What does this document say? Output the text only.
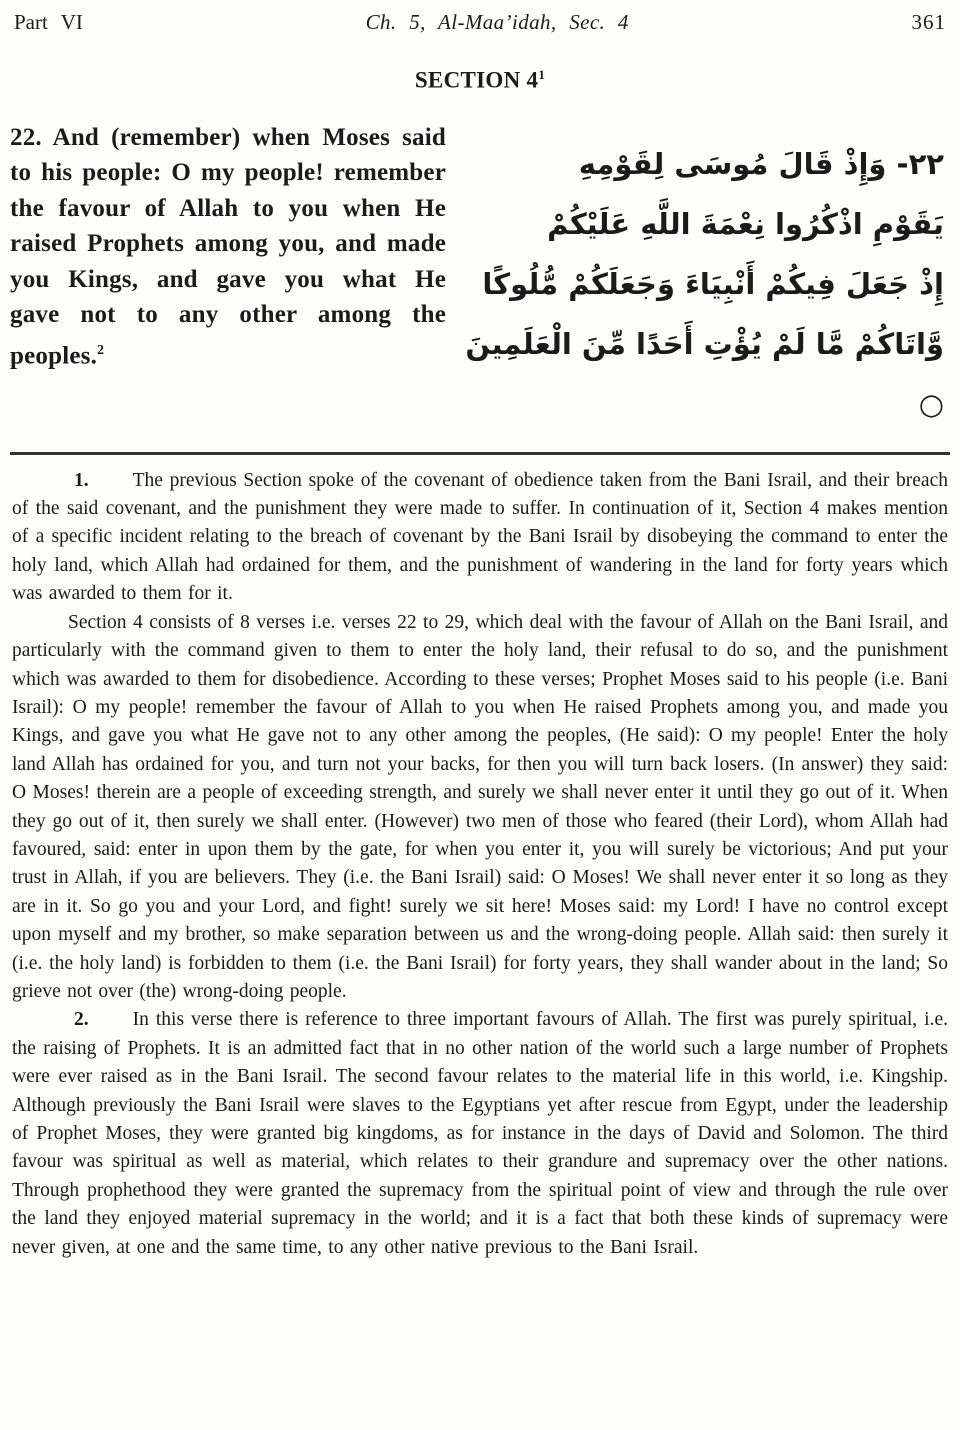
Part VI	Ch. 5, Al-Maa’idah, Sec. 4	361
SECTION $4^1$
22. And (remember) when Moses said to his people: O my people! remember the favour of Allah to you when He raised Prophets among you, and made you Kings, and gave you what He gave not to any other among the peoples.$^2$
٢٢- وَإِذْ قَالَ مُوسَى لِقَوْمِهِ
يَقَوْمِ اذْكُرُوا نِعْمَةَ اللَّهِ عَلَيْكُمْ
إِذْ جَعَلَ فِيكُمْ أَنْبِيَاءَ وَجَعَلَكُمْ مُّلُوكًا
وَّاتَاكُمْ مَّا لَمْ يُؤْتِ أَحَدًا مِّنَ الْعَلَمِينَ ○

1. The previous Section spoke of the covenant of obedience taken from the Bani Israil, and their breach of the said covenant, and the punishment they were made to suffer. In continuation of it, Section 4 makes mention of a specific incident relating to the breach of covenant by the Bani Israil by disobeying the command to enter the holy land, which Allah had ordained for them, and the punishment of wandering in the land for forty years which was awarded to them for it.

Section 4 consists of 8 verses i.e. verses 22 to 29, which deal with the favour of Allah on the Bani Israil, and particularly with the command given to them to enter the holy land, their refusal to do so, and the punishment which was awarded to them for disobedience. According to these verses; Prophet Moses said to his people (i.e. Bani Israil): O my people! remember the favour of Allah to you when He raised Prophets among you, and made you Kings, and gave you what He gave not to any other among the peoples, (He said): O my people! Enter the holy land Allah has ordained for you, and turn not your backs, for then you will turn back losers. (In answer) they said: O Moses! therein are a people of exceeding strength, and surely we shall never enter it until they go out of it. When they go out of it, then surely we shall enter. (However) two men of those who feared (their Lord), whom Allah had favoured, said: enter in upon them by the gate, for when you enter it, you will surely be victorious; And put your trust in Allah, if you are believers. They (i.e. the Bani Israil) said: O Moses! We shall never enter it so long as they are in it. So go you and your Lord, and fight! surely we sit here! Moses said: my Lord! I have no control except upon myself and my brother, so make separation between us and the wrong-doing people. Allah said: then surely it (i.e. the holy land) is forbidden to them (i.e. the Bani Israil) for forty years, they shall wander about in the land; So grieve not over (the) wrong-doing people.

2. In this verse there is reference to three important favours of Allah. The first was purely spiritual, i.e. the raising of Prophets. It is an admitted fact that in no other nation of the world such a large number of Prophets were ever raised as in the Bani Israil. The second favour relates to the material life in this world, i.e. Kingship. Although previously the Bani Israil were slaves to the Egyptians yet after rescue from Egypt, under the leadership of Prophet Moses, they were granted big kingdoms, as for instance in the days of David and Solomon. The third favour was spiritual as well as material, which relates to their grandure and supremacy over the other nations. Through prophethood they were granted the supremacy from the spiritual point of view and through the rule over the land they enjoyed material supremacy in the world; and it is a fact that both these kinds of supremacy were never given, at one and the same time, to any other native previous to the Bani Israil.
